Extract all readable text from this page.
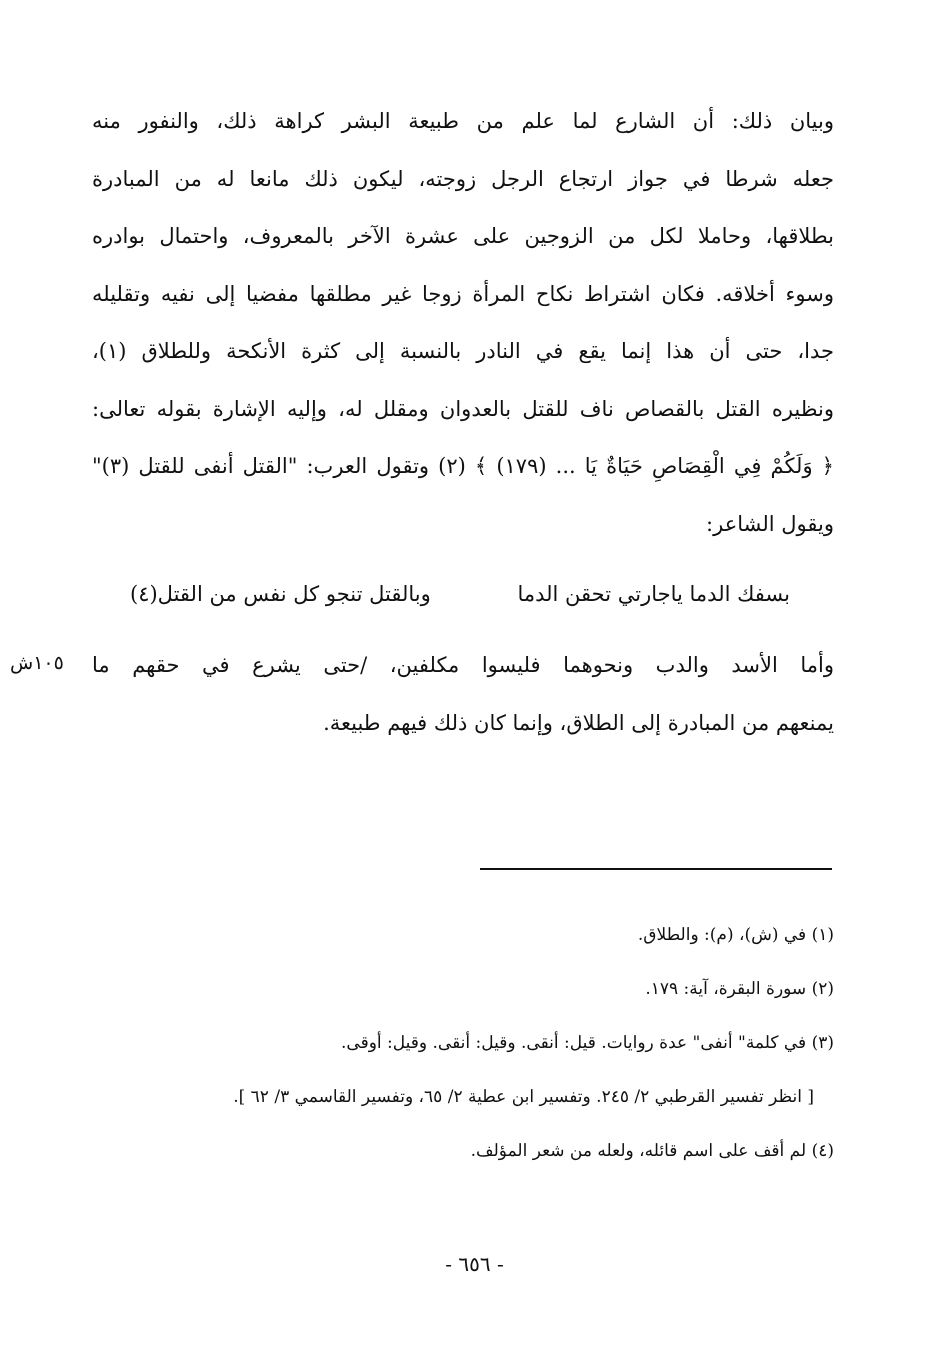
وبيان ذلك: أن الشارع لما علم من طبيعة البشر كراهة ذلك، والنفور منه
جعله شرطا في جواز ارتجاع الرجل زوجته، ليكون ذلك مانعا له من المبادرة
بطلاقها، وحاملا لكل من الزوجين على عشرة الآخر بالمعروف، واحتمال بوادره
وسوء أخلاقه. فكان اشتراط نكاح المرأة زوجا غير مطلقها مفضيا إلى نفيه وتقليله
جدا، حتى أن هذا إنما يقع في النادر بالنسبة إلى كثرة الأنكحة وللطلاق (١)،
ونظيره القتل بالقصاص ناف للقتل بالعدوان ومقلل له، وإليه الإشارة بقوله تعالى:
﴿ وَلَكُمْ فِي الْقِصَاصِ حَيَاةٌ يَا ... (١٧٩) ﴾ (٢) وتقول العرب: "القتل أنفى للقتل (٣)"
ويقول الشاعر:
بسفك الدما ياجارتي تحقن الدما
وبالقتل تنجو كل نفس من القتل(٤)
وأما الأسد والدب ونحوهما فليسوا مكلفين، /حتى يشرع في حقهم ما
يمنعهم من المبادرة إلى الطلاق، وإنما كان ذلك فيهم طبيعة.
١٠٥ش
(١) في (ش)، (م): والطلاق.
(٢) سورة البقرة، آية: ١٧٩.
(٣) في كلمة" أنفى" عدة روايات. قيل: أنقى. وقيل: أنقى. وقيل: أوقى.
[ انظر تفسير القرطبي ٢/ ٢٤٥. وتفسير ابن عطية ٢/ ٦٥، وتفسير القاسمي ٣/ ٦٢ ].
(٤) لم أقف على اسم قائله، ولعله من شعر المؤلف.
- ٦٥٦ -
